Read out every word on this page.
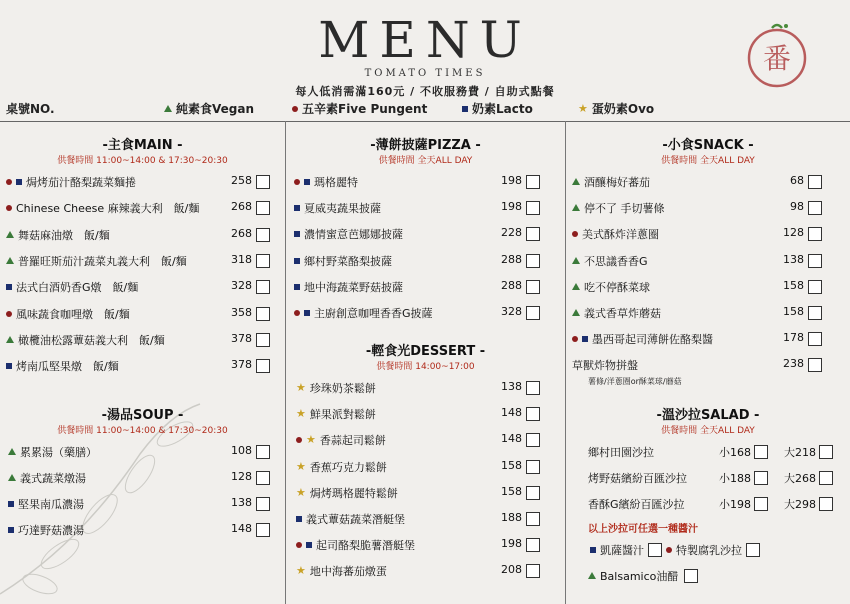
MENU
TOMATO TIMES
每人低消需滿160元 / 不收服務費 / 自助式點餐
番
桌號NO.	純素食Vegan	五辛素Five Pungent	奶素Lacto	★ 蛋奶素Ovo
-主食MAIN -
供餐時間 11:00~14:00 & 17:30~20:30
焗烤茄汁酪梨蔬菜麵捲	258
Chinese Cheese 麻辣義大利　飯/麵	268
舞菇麻油燉　飯/麵	268
普羅旺斯茄汁蔬菜丸義大利　飯/麵	318
法式白酒奶香G燉　飯/麵	328
風味蔬食咖哩燉　飯/麵	358
橄欖油松露蕈菇義大利　飯/麵	378
烤南瓜堅果燉　飯/麵	378
-湯品SOUP -
供餐時間 11:00~14:00 & 17:30~20:30
累累湯（藥膳）	108
義式蔬菜燉湯	128
堅果南瓜濃湯	138
巧達野菇濃湯	148
-薄餅披薩PIZZA -
供餐時間 全天ALL DAY
瑪格麗特	198
夏威夷蔬果披薩	198
濃情蜜意芭娜娜披薩	228
鄉村野菜酪梨披薩	288
地中海蔬菜野菇披薩	288
主廚創意咖哩香香G披薩	328
-輕食光DESSERT -
供餐時間 14:00~17:00
★ 珍珠奶茶鬆餅	138
★ 鮮果派對鬆餅	148
★ 香蒜起司鬆餅	148
★ 香蕉巧克力鬆餅	158
★ 焗烤瑪格麗特鬆餅	158
義式蕈菇蔬菜潛艇堡	188
起司酪梨脆薯潛艇堡	198
★ 地中海蕃茄燉蛋	208
-小食SNACK -
供餐時間 全天ALL DAY
酒釀梅好蕃茄	68
停不了 手切薯條	98
美式酥炸洋蔥圈	128
不思議香香G	138
吃不停酥菜球	158
義式香草炸蘑菇	158
墨西哥起司薄餅佐酪梨醬	178
草獸炸物拼盤	238
薯條/洋蔥圈or酥菜球/蘑菇
-溫沙拉SALAD -
供餐時間 全天ALL DAY
鄉村田園沙拉	小168	大218
烤野菇繽紛百匯沙拉	小188	大268
香酥G繽紛百匯沙拉	小198	大298
以上沙拉可任選一種醬汁
凱薩醬汁	特製腐乳沙拉
Balsamico油醋
